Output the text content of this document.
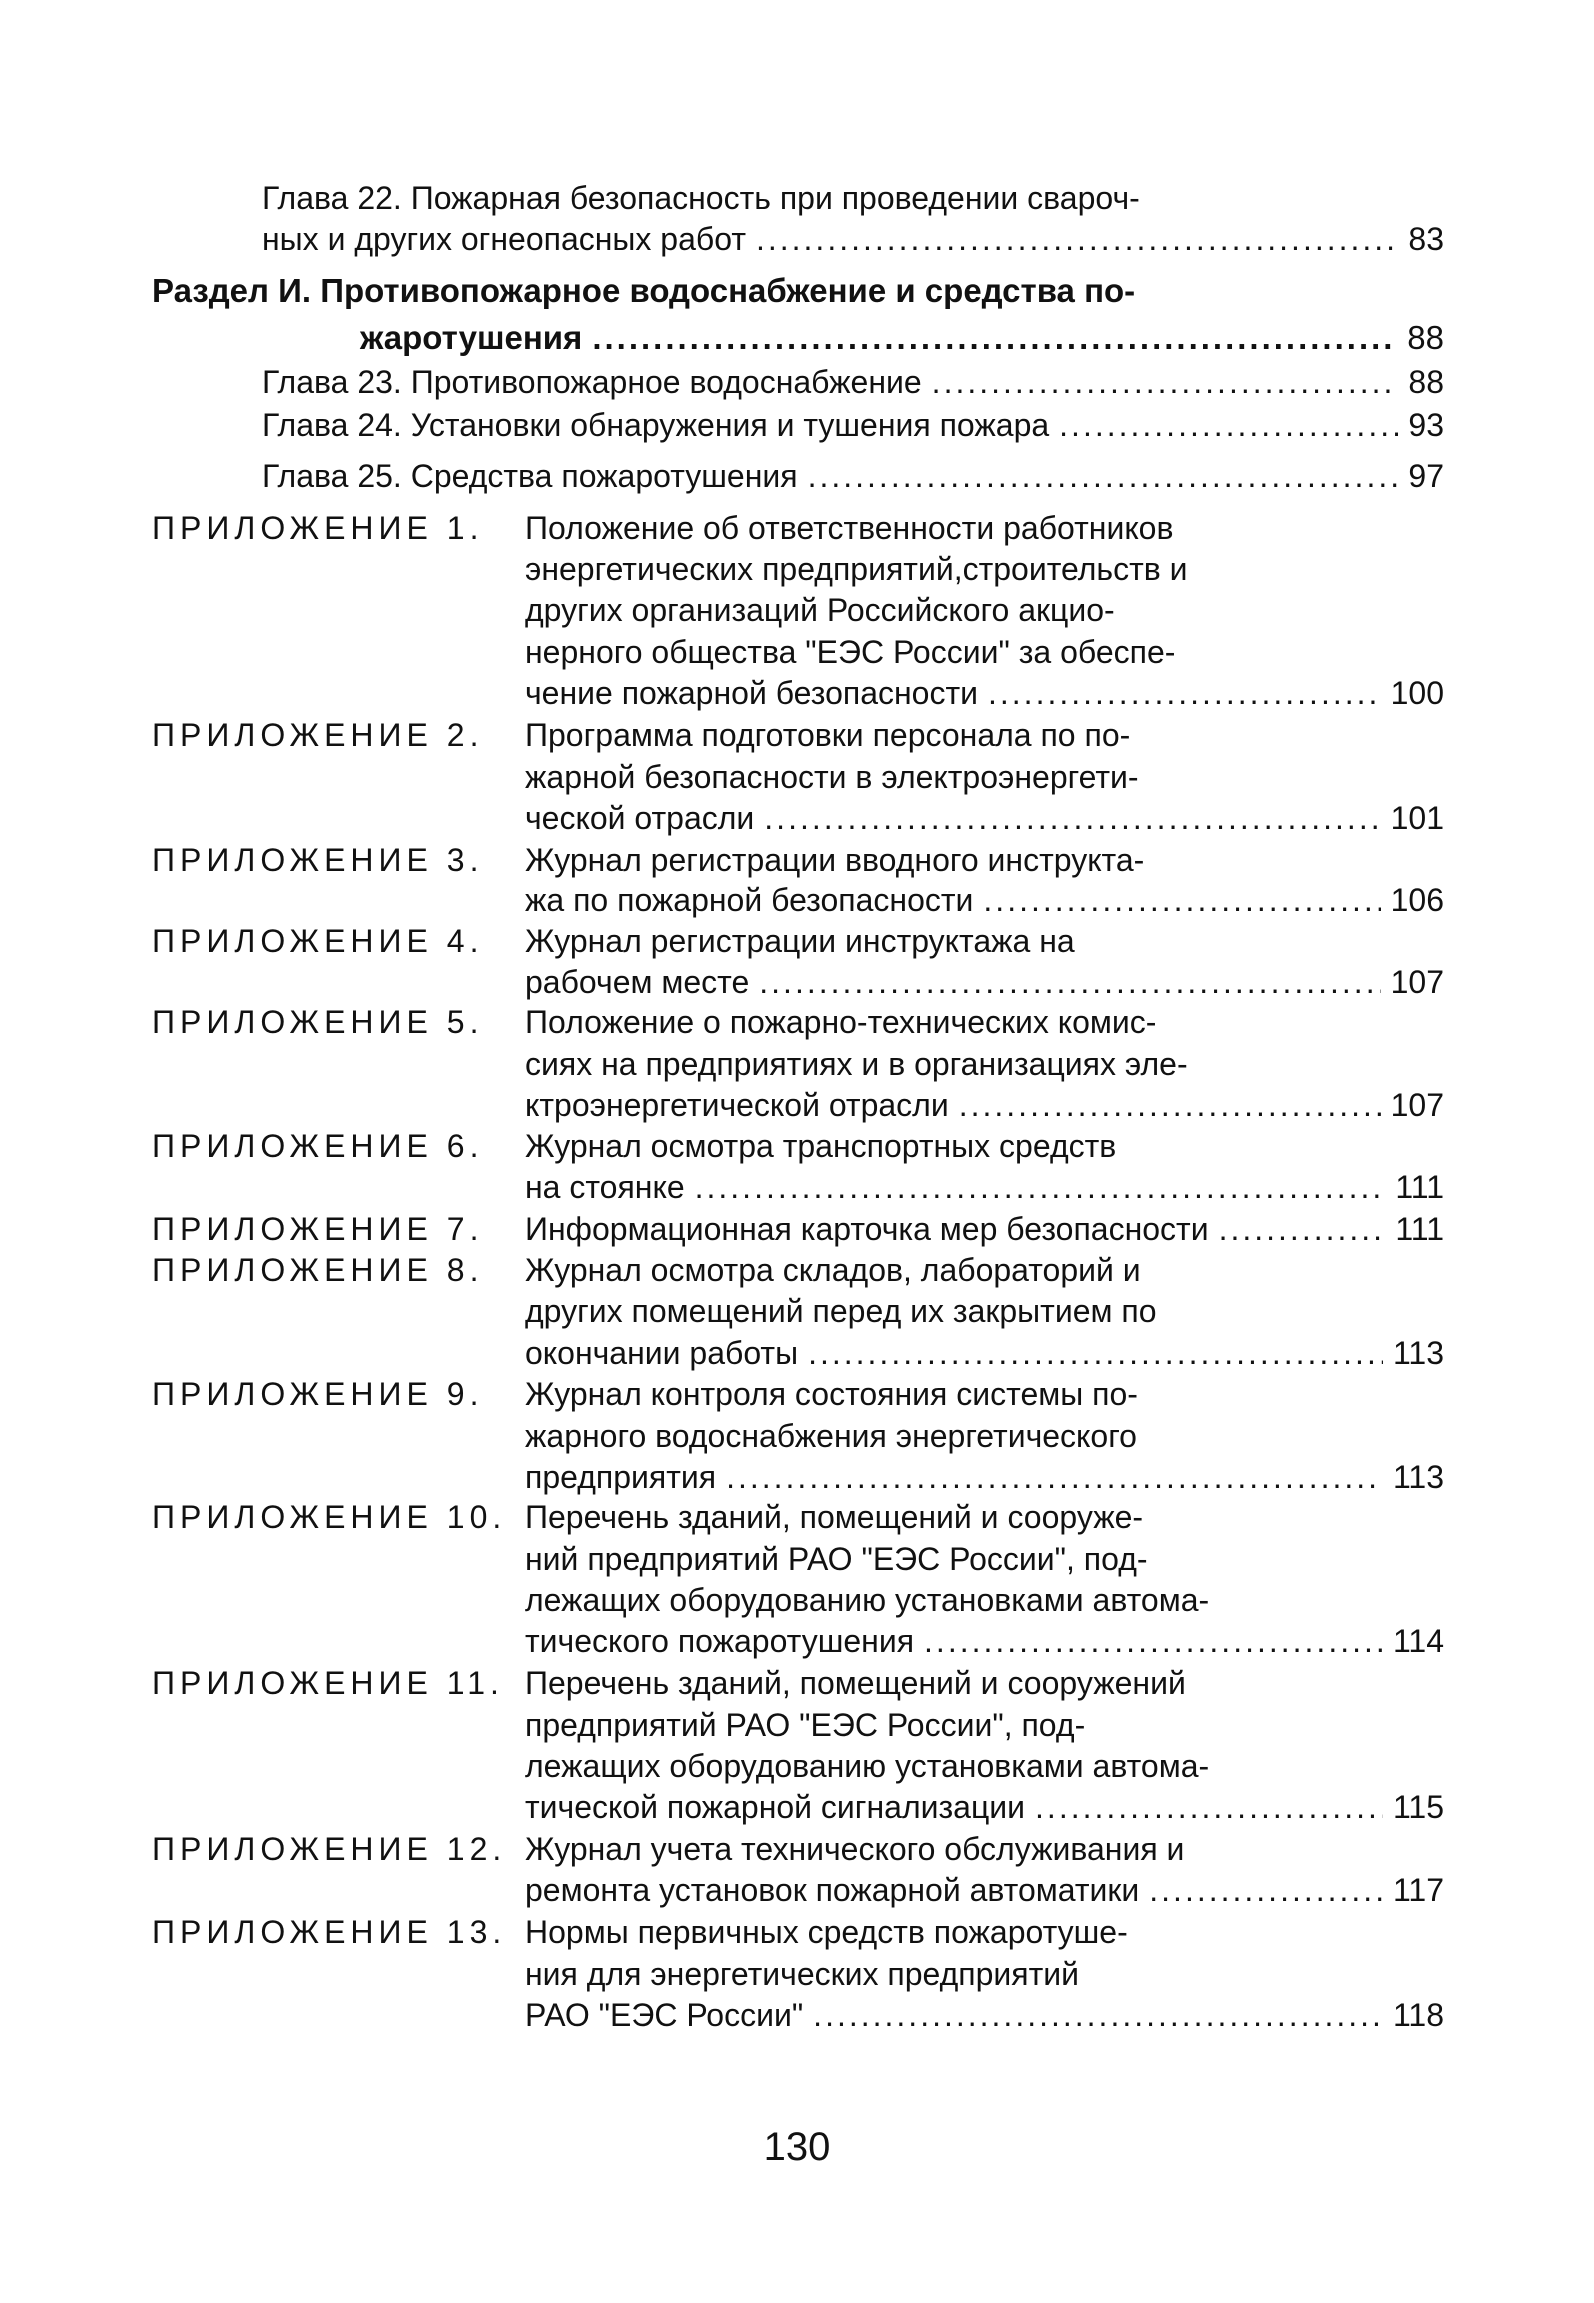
Глава 22. Пожарная безопасность при проведении свароч-
ных и других огнеопасных работ .....	83
Раздел И. Противопожарное водоснабжение и средства по-
жаротушения .....	88
Глава 23. Противопожарное водоснабжение .....	88
Глава 24. Установки обнаружения и тушения пожара .....	93
Глава 25. Средства пожаротушения .....	97
ПРИЛОЖЕНИЕ 1. Положение об ответственности работников
энергетических предприятий,строительств и
других организаций Российского акцио-
нерного общества "ЕЭС России" за обеспе-
чение пожарной безопасности .....	100
ПРИЛОЖЕНИЕ 2. Программа подготовки персонала по по-
жарной безопасности в электроэнергети-
ческой отрасли .....	101
ПРИЛОЖЕНИЕ 3. Журнал регистрации вводного инструкта-
жа по пожарной безопасности .....	106
ПРИЛОЖЕНИЕ 4. Журнал регистрации инструктажа на
рабочем месте .....	107
ПРИЛОЖЕНИЕ 5. Положение о пожарно-технических комис-
сиях на предприятиях и в организациях эле-
ктроэнергетической отрасли .....	107
ПРИЛОЖЕНИЕ 6. Журнал осмотра транспортных средств
на стоянке .....	111
ПРИЛОЖЕНИЕ 7. Информационная карточка мер безопасности .....	111
ПРИЛОЖЕНИЕ 8. Журнал осмотра складов, лабораторий и
других помещений перед их закрытием по
окончании работы .....	113
ПРИЛОЖЕНИЕ 9. Журнал контроля состояния системы по-
жарного водоснабжения энергетического
предприятия .....	113
ПРИЛОЖЕНИЕ 10. Перечень зданий, помещений и сооруже-
ний предприятий РАО "ЕЭС России", под-
лежащих оборудованию установками автома-
тического пожаротушения .....	114
ПРИЛОЖЕНИЕ 11. Перечень зданий, помещений и сооружений
предприятий РАО "ЕЭС России", под-
лежащих оборудованию установками автома-
тической пожарной сигнализации .....	115
ПРИЛОЖЕНИЕ 12. Журнал учета технического обслуживания и
ремонта установок пожарной автоматики .....	117
ПРИЛОЖЕНИЕ 13. Нормы первичных средств пожаротуше-
ния для энергетических предприятий
РАО "ЕЭС России" .....	118
130
